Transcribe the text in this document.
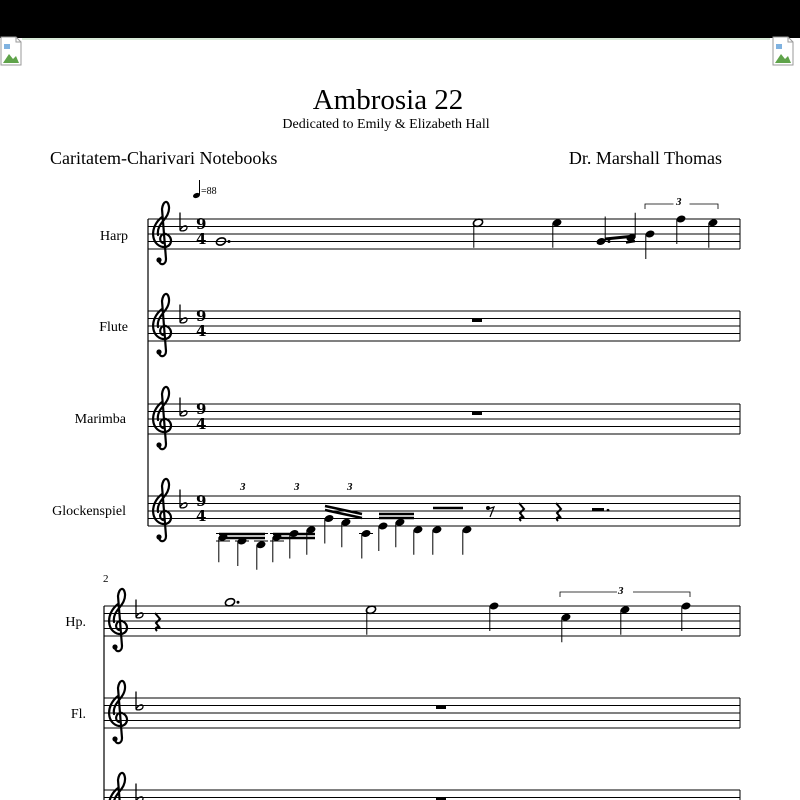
Ambrosia 22
Dedicated to Emily & Elizabeth Hall
Caritatem-Charivari Notebooks	Dr. Marshall Thomas
=88
Harp
Flute
Marimba
Glockenspiel
2
Hp.
Fl.
3
3	3	3
3
9
4
